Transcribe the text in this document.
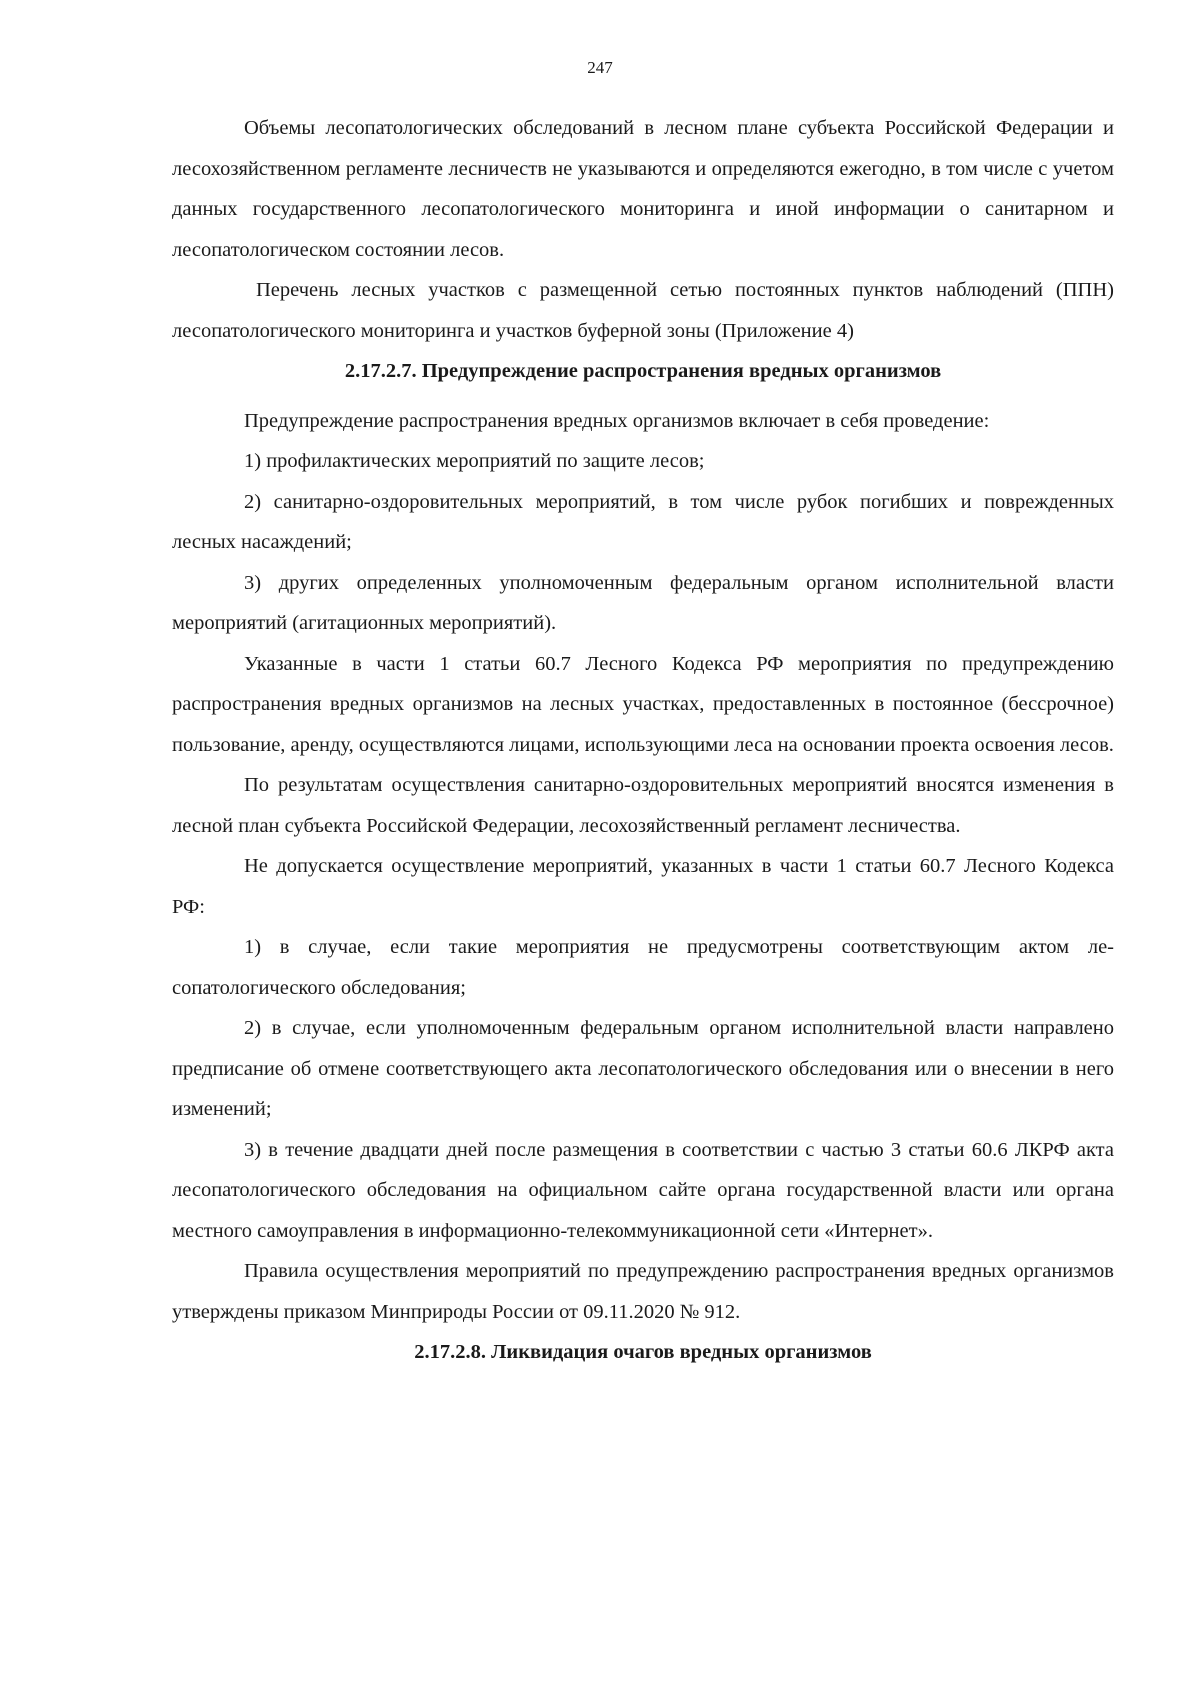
247

Объемы лесопатологических обследований в лесном плане субъекта Российской Федерации и лесохозяйственном регламенте лесничеств не указываются и определяются ежегодно, в том числе с учетом данных государственного лесопатологического мониторинга и иной информации о санитарном и лесопатологическом состоянии лесов.

Перечень лесных участков с размещенной сетью постоянных пунктов наблюдений (ППН) лесопатологического мониторинга и участков буферной зоны (Приложение 4)

2.17.2.7. Предупреждение распространения вредных организмов

Предупреждение распространения вредных организмов включает в себя проведение:

1) профилактических мероприятий по защите лесов;

2) санитарно-оздоровительных мероприятий, в том числе рубок погибших и поврежденных лесных насаждений;

3) других определенных уполномоченным федеральным органом исполнительной власти мероприятий (агитационных мероприятий).

Указанные в части 1 статьи 60.7 Лесного Кодекса РФ мероприятия по предупреждению распространения вредных организмов на лесных участках, предоставленных в постоянное (бессрочное) пользование, аренду, осуществляются лицами, использующими леса на основании проекта освоения лесов.

По результатам осуществления санитарно-оздоровительных мероприятий вносятся изменения в лесной план субъекта Российской Федерации, лесохозяйственный регламент лесничества.

Не допускается осуществление мероприятий, указанных в части 1 статьи 60.7 Лесного Кодекса РФ:

1) в случае, если такие мероприятия не предусмотрены соответствующим актом лесопатологического обследования;

2) в случае, если уполномоченным федеральным органом исполнительной власти направлено предписание об отмене соответствующего акта лесопатологического обследования или о внесении в него изменений;

3) в течение двадцати дней после размещения в соответствии с частью 3 статьи 60.6 ЛКРФ акта лесопатологического обследования на официальном сайте органа государственной власти или органа местного самоуправления в информационно-телекоммуникационной сети «Интернет».

Правила осуществления мероприятий по предупреждению распространения вредных организмов утверждены приказом Минприроды России от 09.11.2020 № 912.

2.17.2.8. Ликвидация очагов вредных организмов
